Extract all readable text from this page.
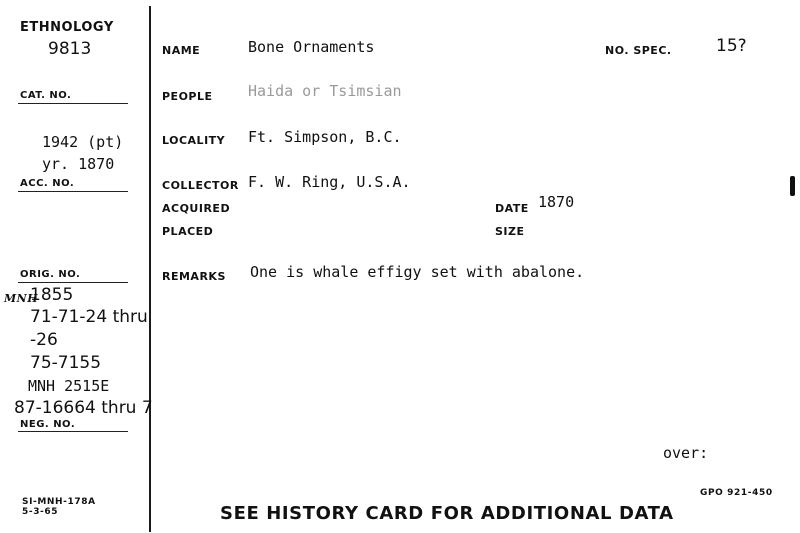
ETHNOLOGY
9813
CAT. NO.
1942 (pt)
yr. 1870
ACC. NO.
ORIG. NO.
MNH
1855
71-71-24 thru
-26
75-7155
MNH 2515E
87-16664 thru 7
NEG. NO.
SI-MNH-178A
5-3-65
NAME	Bone Ornaments	NO. SPEC.	15?
PEOPLE Haida or Tsimsian
LOCALITY Ft. Simpson, B.C.
COLLECTOR F. W. Ring, U.S.A.
ACQUIRED	DATE 1870
PLACED	SIZE
REMARKS One is whale effigy set with abalone.
over:
GPO 921-450
SEE HISTORY CARD FOR ADDITIONAL DATA
